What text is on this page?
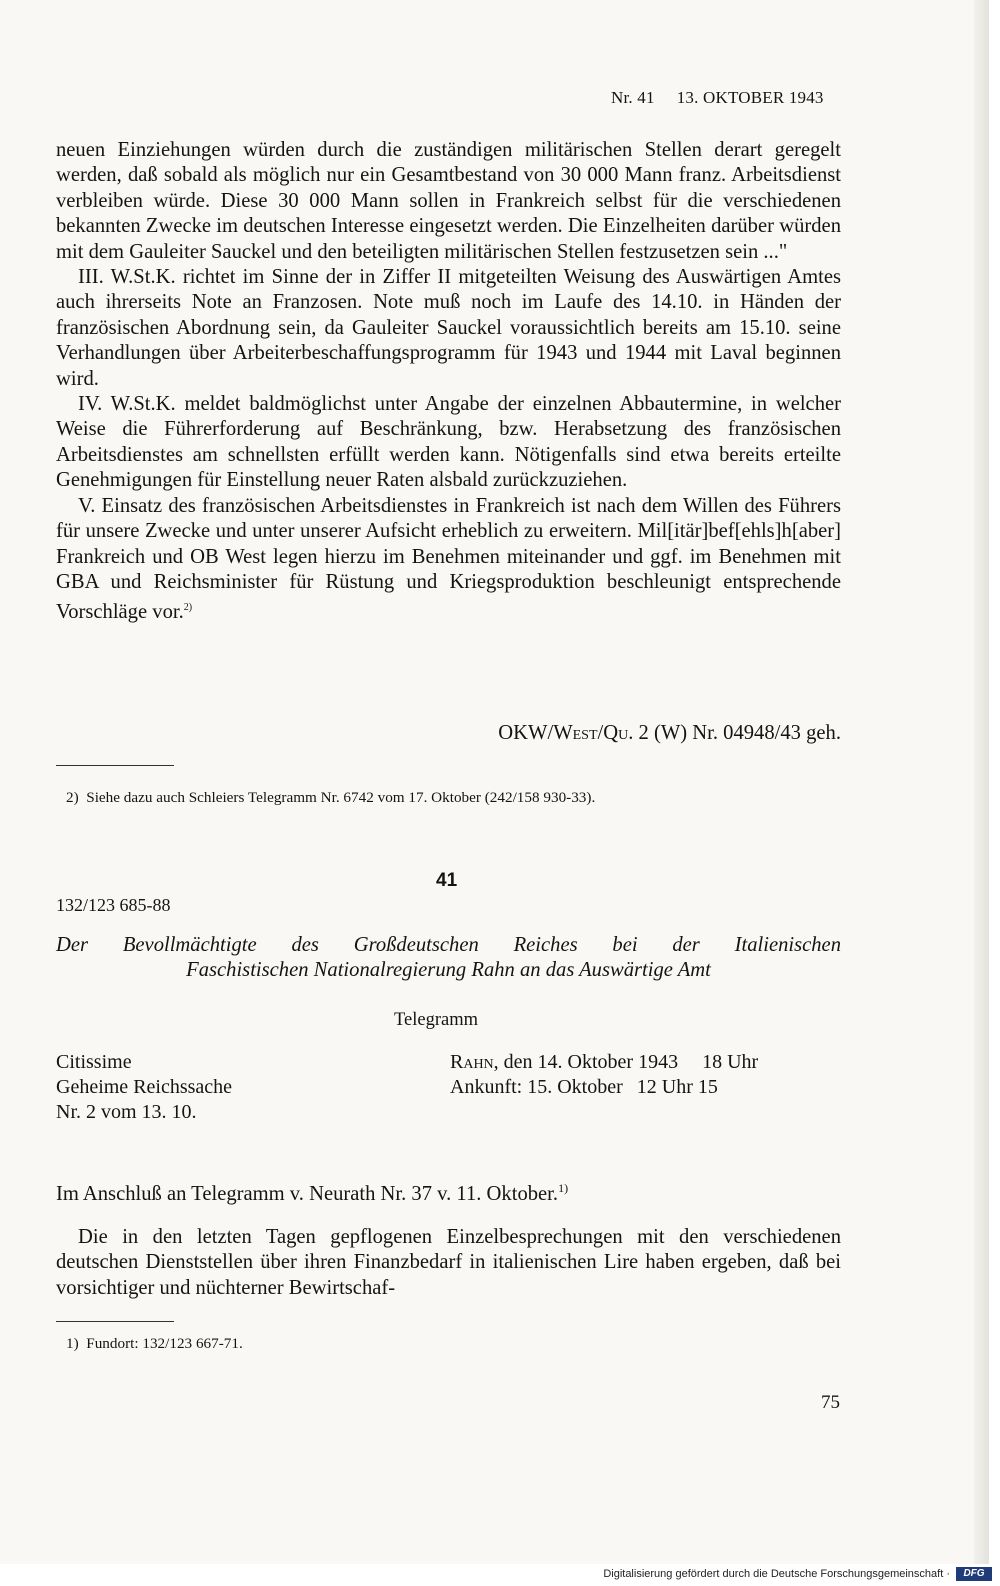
Nr. 41 13. OKTOBER 1943

neuen Einziehungen würden durch die zuständigen militärischen Stellen derart geregelt werden, daß sobald als möglich nur ein Gesamtbestand von 30 000 Mann franz. Arbeitsdienst verbleiben würde. Diese 30 000 Mann sollen in Frankreich selbst für die verschiedenen bekannten Zwecke im deutschen Interesse eingesetzt werden. Die Einzelheiten darüber würden mit dem Gauleiter Sauckel und den beteiligten militärischen Stellen festzusetzen sein ..."

III. W.St.K. richtet im Sinne der in Ziffer II mitgeteilten Weisung des Auswärtigen Amtes auch ihrerseits Note an Franzosen. Note muß noch im Laufe des 14.10. in Händen der französischen Abordnung sein, da Gauleiter Sauckel voraussichtlich bereits am 15.10. seine Verhandlungen über Arbeiterbeschaffungsprogramm für 1943 und 1944 mit Laval beginnen wird.

IV. W.St.K. meldet baldmöglichst unter Angabe der einzelnen Abbautermine, in welcher Weise die Führerforderung auf Beschränkung, bzw. Herabsetzung des französischen Arbeitsdienstes am schnellsten erfüllt werden kann. Nötigenfalls sind etwa bereits erteilte Genehmigungen für Einstellung neuer Raten alsbald zurückzuziehen.

V. Einsatz des französischen Arbeitsdienstes in Frankreich ist nach dem Willen des Führers für unsere Zwecke und unter unserer Aufsicht erheblich zu erweitern. Mil[itär]bef[ehls]h[aber] Frankreich und OB West legen hierzu im Benehmen miteinander und ggf. im Benehmen mit GBA und Reichsminister für Rüstung und Kriegsproduktion beschleunigt entsprechende Vorschläge vor.$^{2)}$

OKW/West/Qu. 2 (W) Nr. 04948/43 geh.
2) Siehe dazu auch Schleiers Telegramm Nr. 6742 vom 17. Oktober (242/158 930-33).
41
132/123 685-88
Der Bevollmächtigte des Großdeutschen Reiches bei der Italienischen
Faschistischen Nationalregierung Rahn an das Auswärtige Amt
Telegramm
Citissime
Geheime Reichssache
Nr. 2 vom 13. 10.
Rahn, den 14. Oktober 1943 18 Uhr
Ankunft: 15. Oktober 12 Uhr 15
Im Anschluß an Telegramm v. Neurath Nr. 37 v. 11. Oktober.$^{1)}$

Die in den letzten Tagen gepflogenen Einzelbesprechungen mit den verschiedenen deutschen Dienststellen über ihren Finanzbedarf in italienischen Lire haben ergeben, daß bei vorsichtiger und nüchterner Bewirtschaf-

1) Fundort: 132/123 667-71.
75
Digitalisierung gefördert durch die Deutsche Forschungsgemeinschaft ·	DFG
